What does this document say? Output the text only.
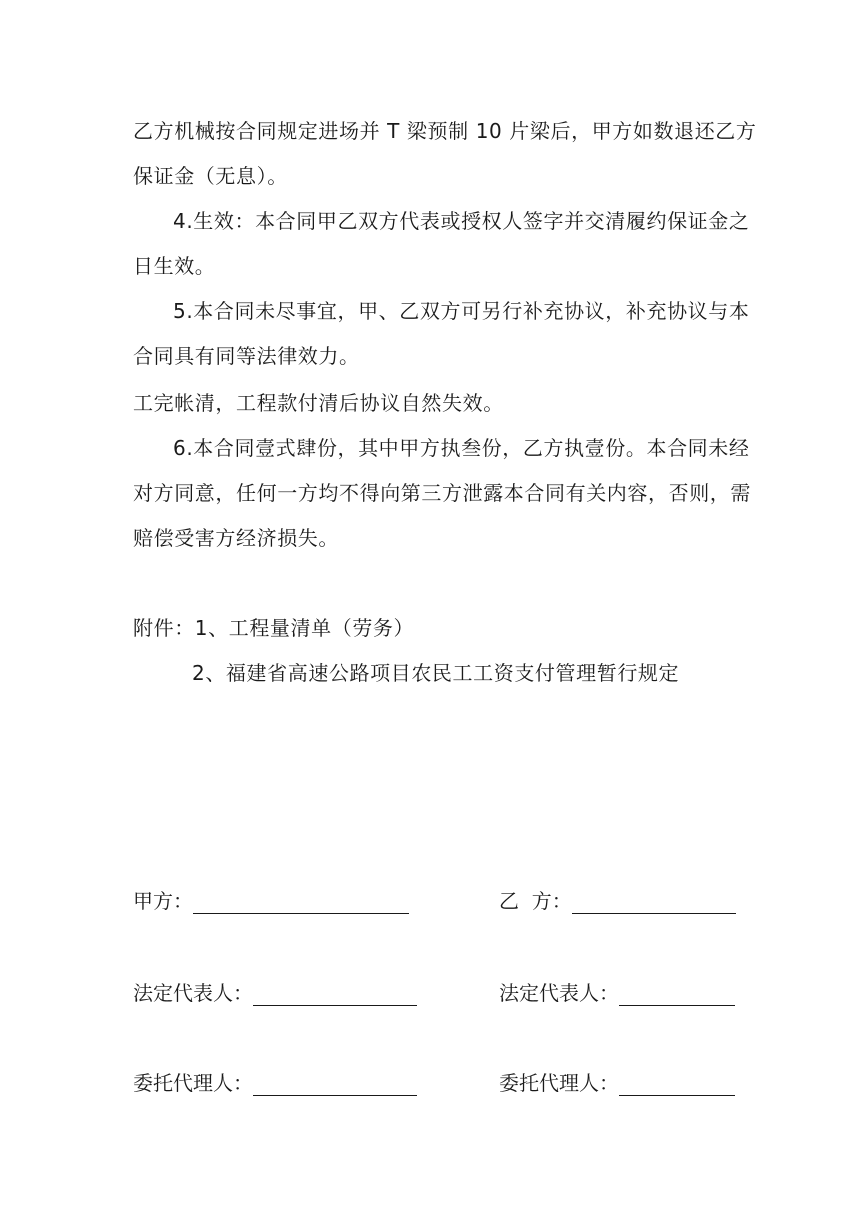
乙方机械按合同规定进场并 T 梁预制 10 片梁后，甲方如数退还乙方
保证金（无息）。
4.生效：本合同甲乙双方代表或授权人签字并交清履约保证金之
日生效。
5.本合同未尽事宜，甲、乙双方可另行补充协议，补充协议与本
合同具有同等法律效力。
工完帐清，工程款付清后协议自然失效。
6.本合同壹式肆份，其中甲方执叁份，乙方执壹份。本合同未经
对方同意，任何一方均不得向第三方泄露本合同有关内容，否则，需
赔偿受害方经济损失。
附件：1、工程量清单（劳务）
2、福建省高速公路项目农民工工资支付管理暂行规定
甲方：	乙  方：
法定代表人：	法定代表人：
委托代理人：	委托代理人：
